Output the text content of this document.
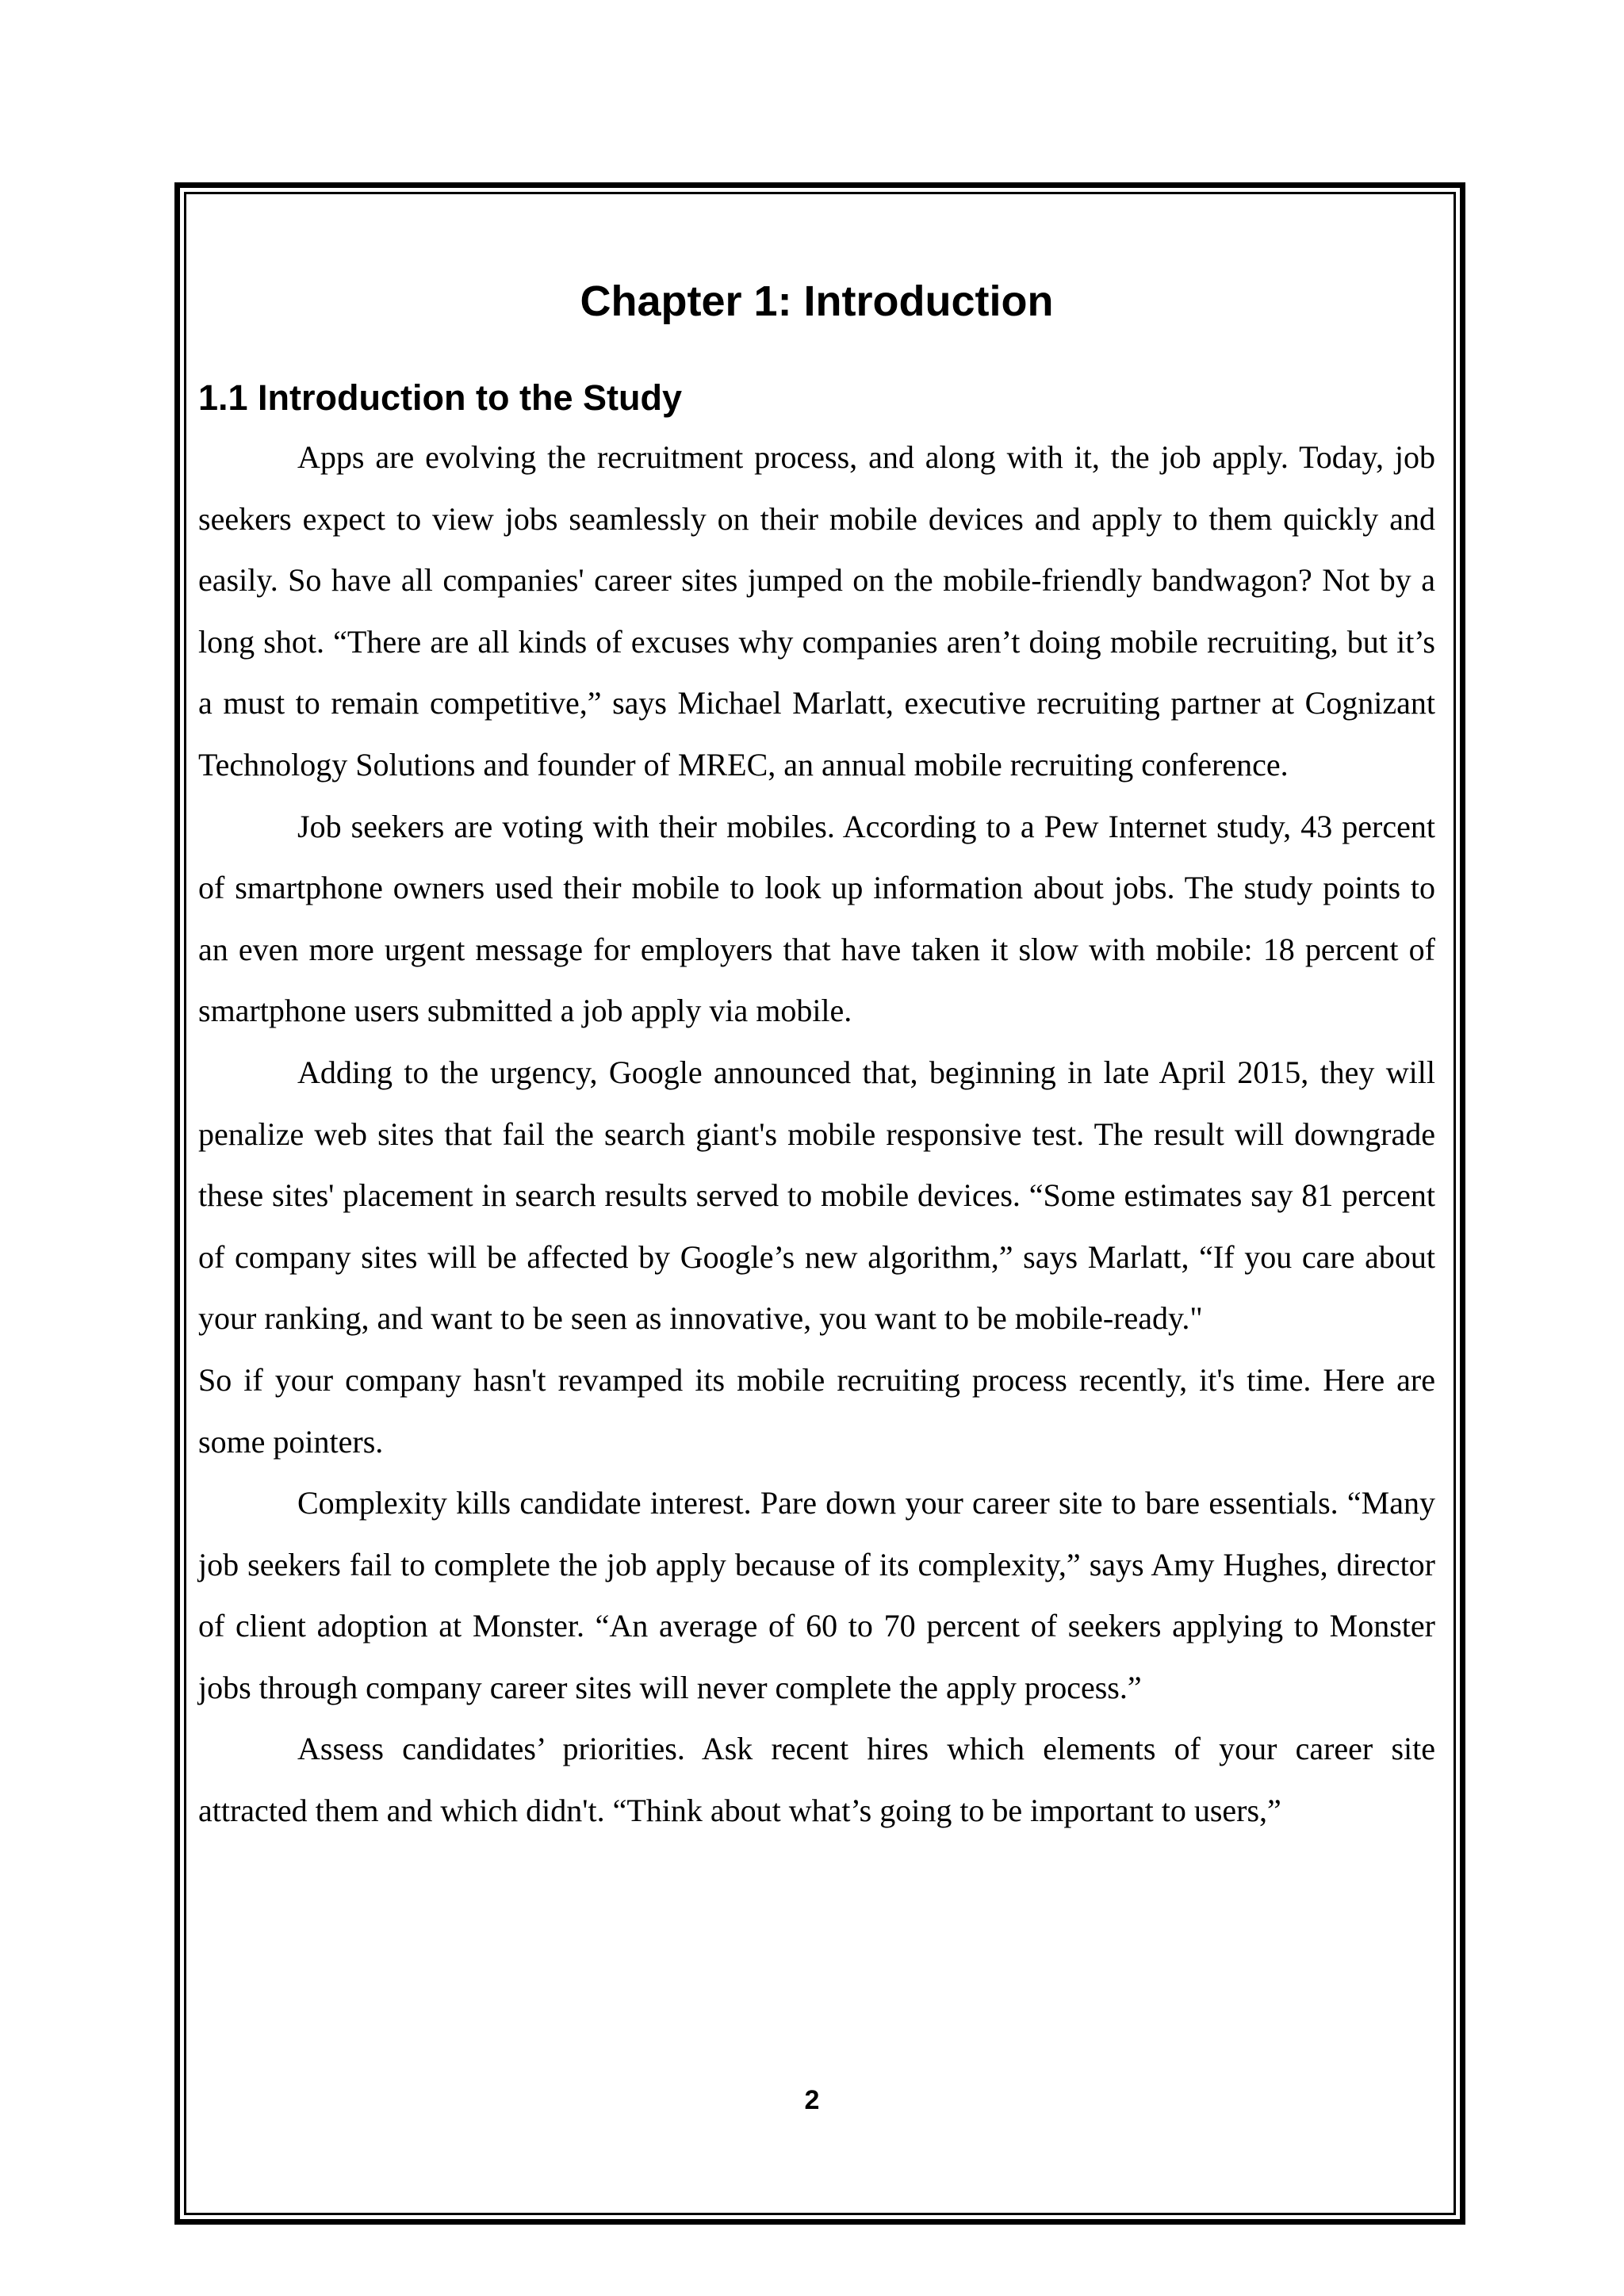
Chapter 1: Introduction
1.1 Introduction to the Study

Apps are evolving the recruitment process, and along with it, the job apply. Today, job seekers expect to view jobs seamlessly on their mobile devices and apply to them quickly and easily. So have all companies' career sites jumped on the mobile-friendly bandwagon? Not by a long shot. “There are all kinds of excuses why companies aren’t doing mobile recruiting, but it’s a must to remain competitive,” says Michael Marlatt, executive recruiting partner at Cognizant Technology Solutions and founder of MREC, an annual mobile recruiting conference.

Job seekers are voting with their mobiles. According to a Pew Internet study, 43 percent of smartphone owners used their mobile to look up information about jobs. The study points to an even more urgent message for employers that have taken it slow with mobile: 18 percent of smartphone users submitted a job apply via mobile.

Adding to the urgency, Google announced that, beginning in late April 2015, they will penalize web sites that fail the search giant's mobile responsive test. The result will downgrade these sites' placement in search results served to mobile devices. “Some estimates say 81 percent of company sites will be affected by Google’s new algorithm,” says Marlatt, “If you care about your ranking, and want to be seen as innovative, you want to be mobile-ready."

So if your company hasn't revamped its mobile recruiting process recently, it's time. Here are some pointers.

Complexity kills candidate interest. Pare down your career site to bare essentials. “Many job seekers fail to complete the job apply because of its complexity,” says Amy Hughes, director of client adoption at Monster. “An average of 60 to 70 percent of seekers applying to Monster jobs through company career sites will never complete the apply process.”

Assess candidates’ priorities. Ask recent hires which elements of your career site attracted them and which didn't. “Think about what’s going to be important to users,”

2
